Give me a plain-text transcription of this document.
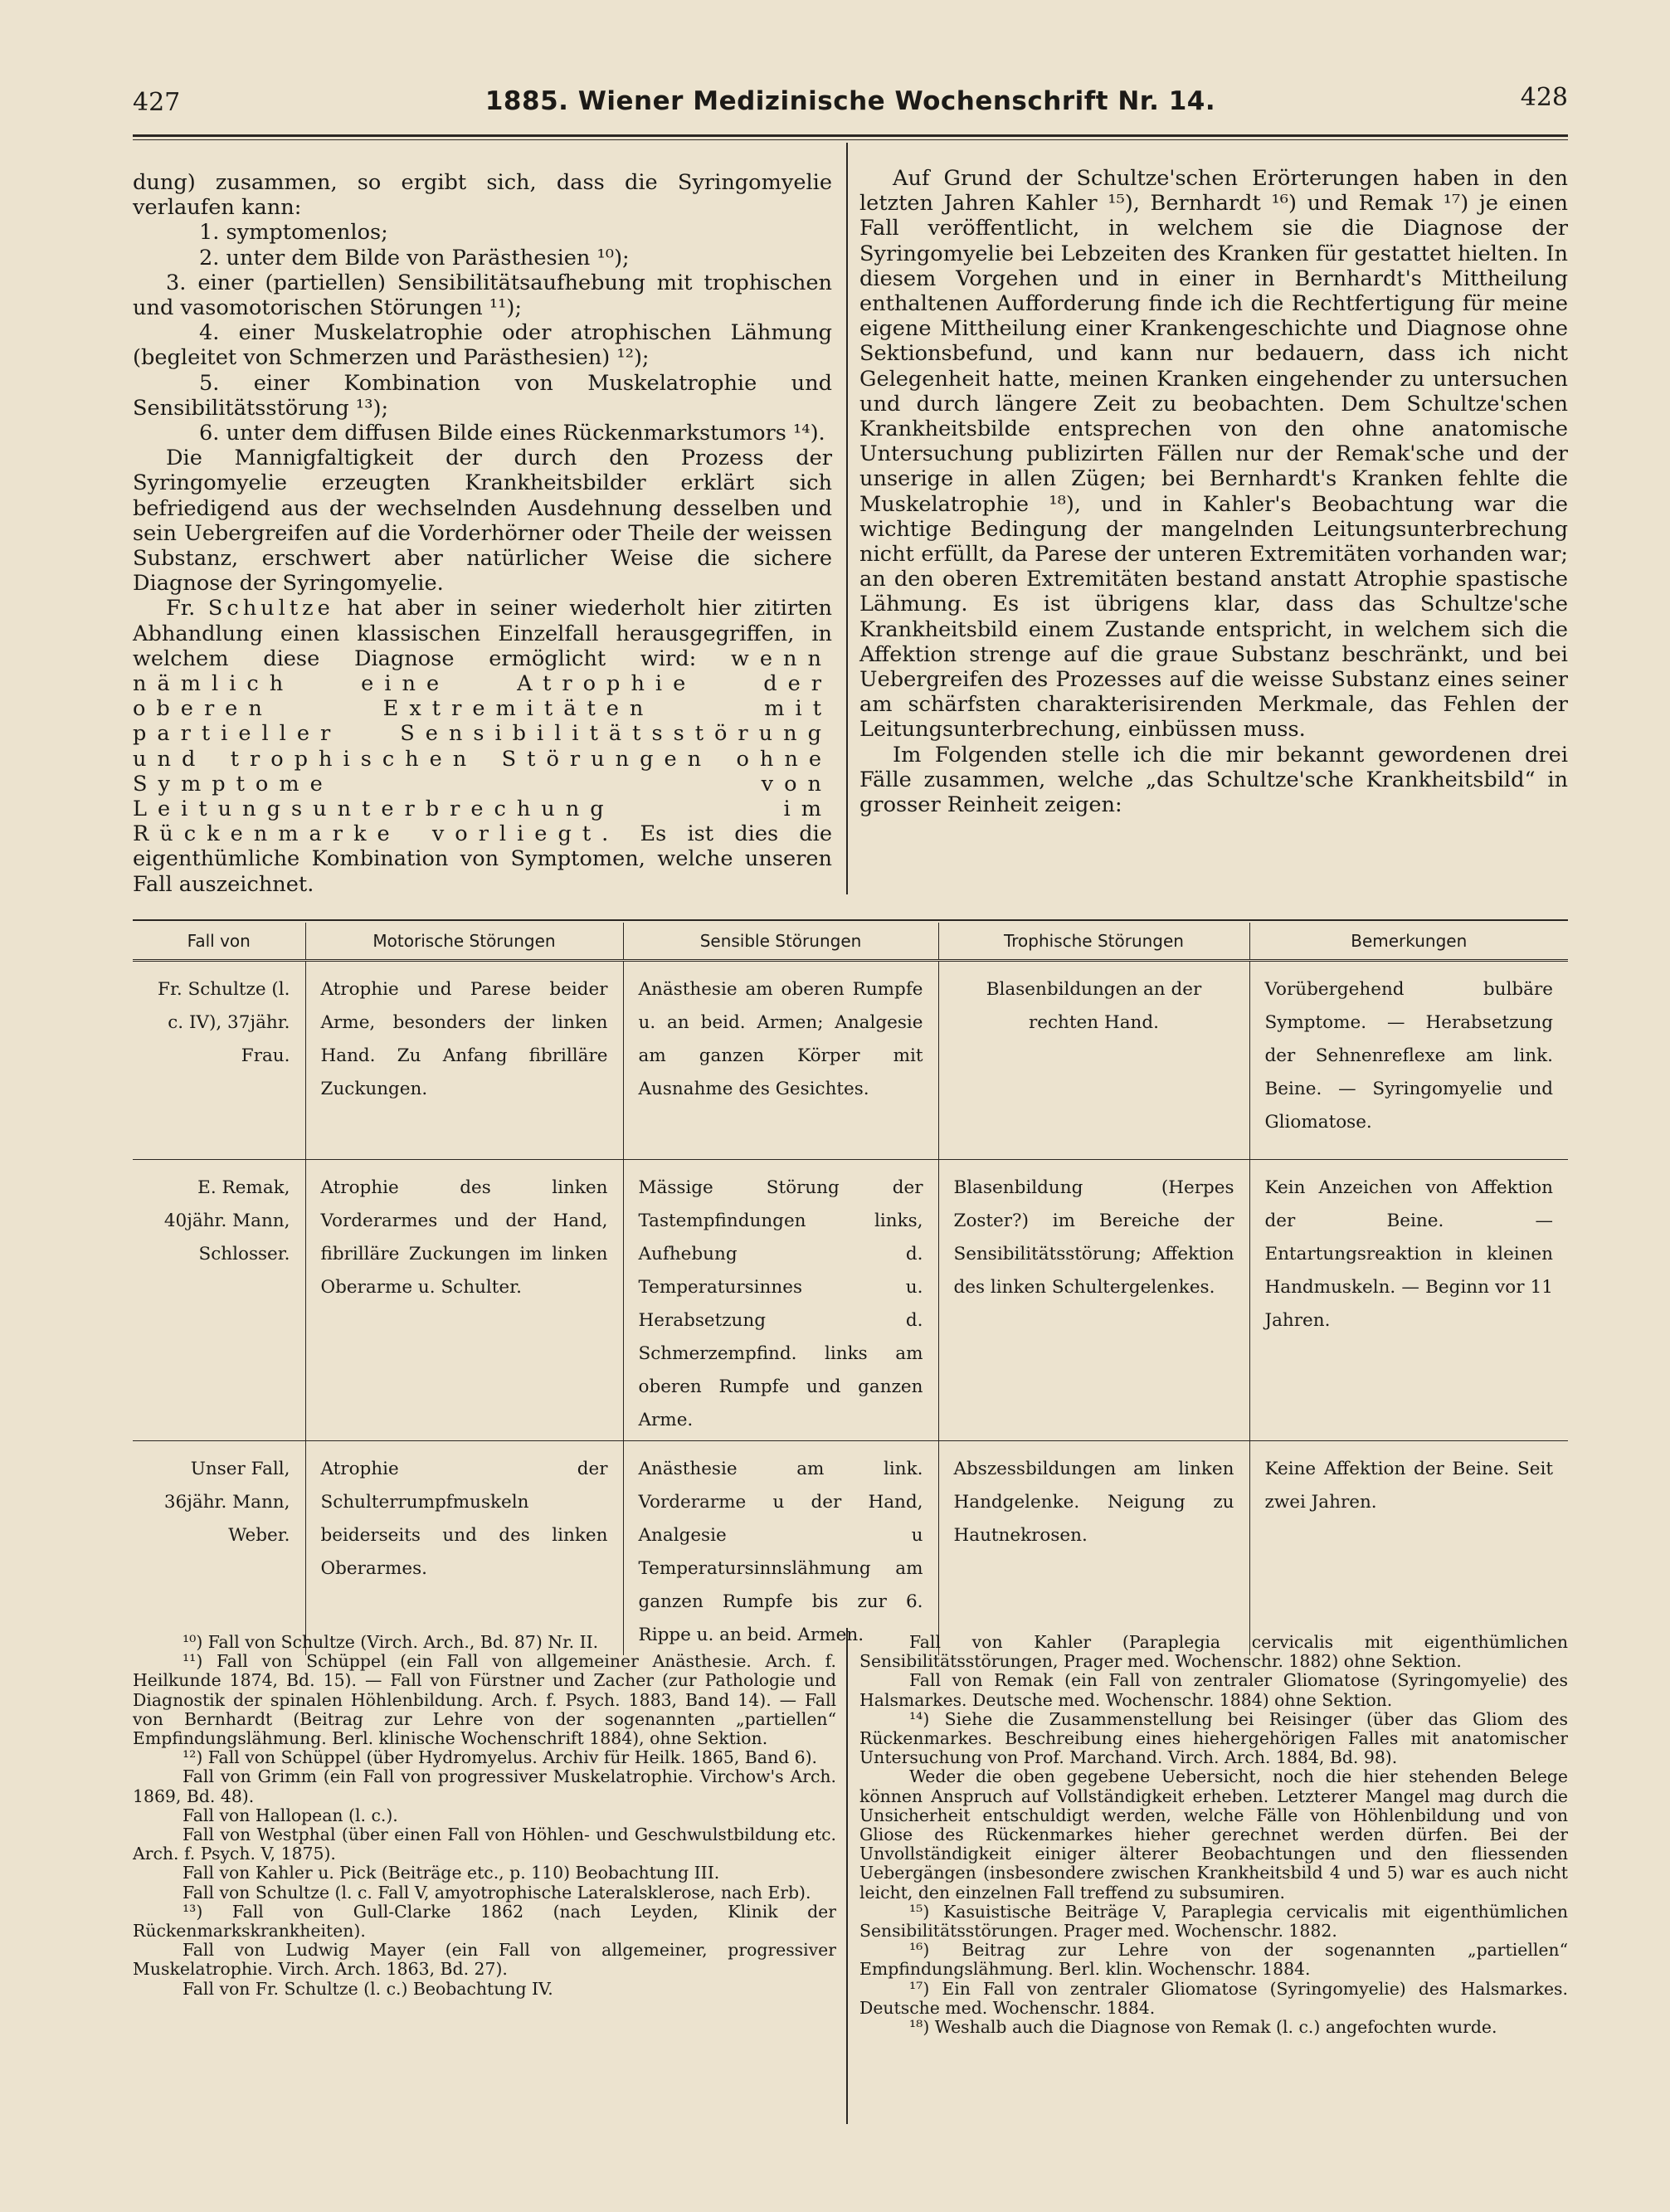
427	1885. Wiener Medizinische Wochenschrift Nr. 14.	428

dung) zusammen, so ergibt sich, dass die Syringomyelie verlaufen kann:

1. symptomenlos;

2. unter dem Bilde von Parästhesien ¹⁰);

3. einer (partiellen) Sensibilitätsaufhebung mit trophischen und vasomotorischen Störungen ¹¹);

4. einer Muskelatrophie oder atrophischen Lähmung (begleitet von Schmerzen und Parästhesien) ¹²);

5. einer Kombination von Muskelatrophie und Sensibilitätsstörung ¹³);

6. unter dem diffusen Bilde eines Rückenmarkstumors ¹⁴).

Die Mannigfaltigkeit der durch den Prozess der Syringomyelie erzeugten Krankheitsbilder erklärt sich befriedigend aus der wechselnden Ausdehnung desselben und sein Uebergreifen auf die Vorderhörner oder Theile der weissen Substanz, erschwert aber natürlicher Weise die sichere Diagnose der Syringomyelie.

Fr. Schultze hat aber in seiner wiederholt hier zitirten Abhandlung einen klassischen Einzelfall herausgegriffen, in welchem diese Diagnose ermöglicht wird: wenn nämlich eine Atrophie der oberen Extremitäten mit partieller Sensibilitätsstörung und trophischen Störungen ohne Symptome von Leitungsunterbrechung im Rückenmarke vorliegt. Es ist dies die eigenthümliche Kombination von Symptomen, welche unseren Fall auszeichnet.

Auf Grund der Schultze'schen Erörterungen haben in den letzten Jahren Kahler ¹⁵), Bernhardt ¹⁶) und Remak ¹⁷) je einen Fall veröffentlicht, in welchem sie die Diagnose der Syringomyelie bei Lebzeiten des Kranken für gestattet hielten. In diesem Vorgehen und in einer in Bernhardt's Mittheilung enthaltenen Aufforderung finde ich die Rechtfertigung für meine eigene Mittheilung einer Krankengeschichte und Diagnose ohne Sektionsbefund, und kann nur bedauern, dass ich nicht Gelegenheit hatte, meinen Kranken eingehender zu untersuchen und durch längere Zeit zu beobachten. Dem Schultze'schen Krankheitsbilde entsprechen von den ohne anatomische Untersuchung publizirten Fällen nur der Remak'sche und der unserige in allen Zügen; bei Bernhardt's Kranken fehlte die Muskelatrophie ¹⁸), und in Kahler's Beobachtung war die wichtige Bedingung der mangelnden Leitungsunterbrechung nicht erfüllt, da Parese der unteren Extremitäten vorhanden war; an den oberen Extremitäten bestand anstatt Atrophie spastische Lähmung. Es ist übrigens klar, dass das Schultze'sche Krankheitsbild einem Zustande entspricht, in welchem sich die Affektion strenge auf die graue Substanz beschränkt, und bei Uebergreifen des Prozesses auf die weisse Substanz eines seiner am schärfsten charakterisirenden Merkmale, das Fehlen der Leitungsunterbrechung, einbüssen muss.

Im Folgenden stelle ich die mir bekannt gewordenen drei Fälle zusammen, welche „das Schultze'sche Krankheitsbild“ in grosser Reinheit zeigen:

Fall von	Motorische Störungen	Sensible Störungen	Trophische Störungen	Bemerkungen
Fr. Schultze (l. c. IV), 37jähr. Frau.	Atrophie und Parese beider Arme, besonders der linken Hand. Zu Anfang fibrilläre Zuckungen.	Anästhesie am oberen Rumpfe u. an beid. Armen; Analgesie am ganzen Körper mit Ausnahme des Gesichtes.	Blasenbildungen an der rechten Hand.	Vorübergehend bulbäre Symptome. — Herabsetzung der Sehnenreflexe am link. Beine. — Syringomyelie und Gliomatose.
E. Remak, 40jähr. Mann, Schlosser.	Atrophie des linken Vorderarmes und der Hand, fibrilläre Zuckungen im linken Oberarme u. Schulter.	Mässige Störung der Tastempfindungen links, Aufhebung d. Temperatursinnes u. Herabsetzung d. Schmerzempfind. links am oberen Rumpfe und ganzen Arme.	Blasenbildung (Herpes Zoster?) im Bereiche der Sensibilitätsstörung; Affektion des linken Schultergelenkes.	Kein Anzeichen von Affektion der Beine. — Entartungsreaktion in kleinen Handmuskeln. — Beginn vor 11 Jahren.
Unser Fall, 36jähr. Mann, Weber.	Atrophie der Schulterrumpfmuskeln beiderseits und des linken Oberarmes.	Anästhesie am link. Vorderarme u der Hand, Analgesie u Temperatursinnslähmung am ganzen Rumpfe bis zur 6. Rippe u. an beid. Armen.	Abszessbildungen am linken Handgelenke. Neigung zu Hautnekrosen.	Keine Affektion der Beine. Seit zwei Jahren.

¹⁰) Fall von Schultze (Virch. Arch., Bd. 87) Nr. II.

¹¹) Fall von Schüppel (ein Fall von allgemeiner Anästhesie. Arch. f. Heilkunde 1874, Bd. 15). — Fall von Fürstner und Zacher (zur Pathologie und Diagnostik der spinalen Höhlenbildung. Arch. f. Psych. 1883, Band 14). — Fall von Bernhardt (Beitrag zur Lehre von der sogenannten „partiellen“ Empfindungslähmung. Berl. klinische Wochenschrift 1884), ohne Sektion.

¹²) Fall von Schüppel (über Hydromyelus. Archiv für Heilk. 1865, Band 6).

Fall von Grimm (ein Fall von progressiver Muskelatrophie. Virchow's Arch. 1869, Bd. 48).

Fall von Hallopean (l. c.).

Fall von Westphal (über einen Fall von Höhlen- und Geschwulstbildung etc. Arch. f. Psych. V, 1875).

Fall von Kahler u. Pick (Beiträge etc., p. 110) Beobachtung III.

Fall von Schultze (l. c. Fall V, amyotrophische Lateralsklerose, nach Erb).

¹³) Fall von Gull-Clarke 1862 (nach Leyden, Klinik der Rückenmarkskrankheiten).

Fall von Ludwig Mayer (ein Fall von allgemeiner, progressiver Muskelatrophie. Virch. Arch. 1863, Bd. 27).

Fall von Fr. Schultze (l. c.) Beobachtung IV.

Fall von Kahler (Paraplegia cervicalis mit eigenthümlichen Sensibilitätsstörungen, Prager med. Wochenschr. 1882) ohne Sektion.

Fall von Remak (ein Fall von zentraler Gliomatose (Syringomyelie) des Halsmarkes. Deutsche med. Wochenschr. 1884) ohne Sektion.

¹⁴) Siehe die Zusammenstellung bei Reisinger (über das Gliom des Rückenmarkes. Beschreibung eines hiehergehörigen Falles mit anatomischer Untersuchung von Prof. Marchand. Virch. Arch. 1884, Bd. 98).

Weder die oben gegebene Uebersicht, noch die hier stehenden Belege können Anspruch auf Vollständigkeit erheben. Letzterer Mangel mag durch die Unsicherheit entschuldigt werden, welche Fälle von Höhlenbildung und von Gliose des Rückenmarkes hieher gerechnet werden dürfen. Bei der Unvollständigkeit einiger älterer Beobachtungen und den fliessenden Uebergängen (insbesondere zwischen Krankheitsbild 4 und 5) war es auch nicht leicht, den einzelnen Fall treffend zu subsumiren.

¹⁵) Kasuistische Beiträge V, Paraplegia cervicalis mit eigenthümlichen Sensibilitätsstörungen. Prager med. Wochenschr. 1882.

¹⁶) Beitrag zur Lehre von der sogenannten „partiellen“ Empfindungslähmung. Berl. klin. Wochenschr. 1884.

¹⁷) Ein Fall von zentraler Gliomatose (Syringomyelie) des Halsmarkes. Deutsche med. Wochenschr. 1884.

¹⁸) Weshalb auch die Diagnose von Remak (l. c.) angefochten wurde.
